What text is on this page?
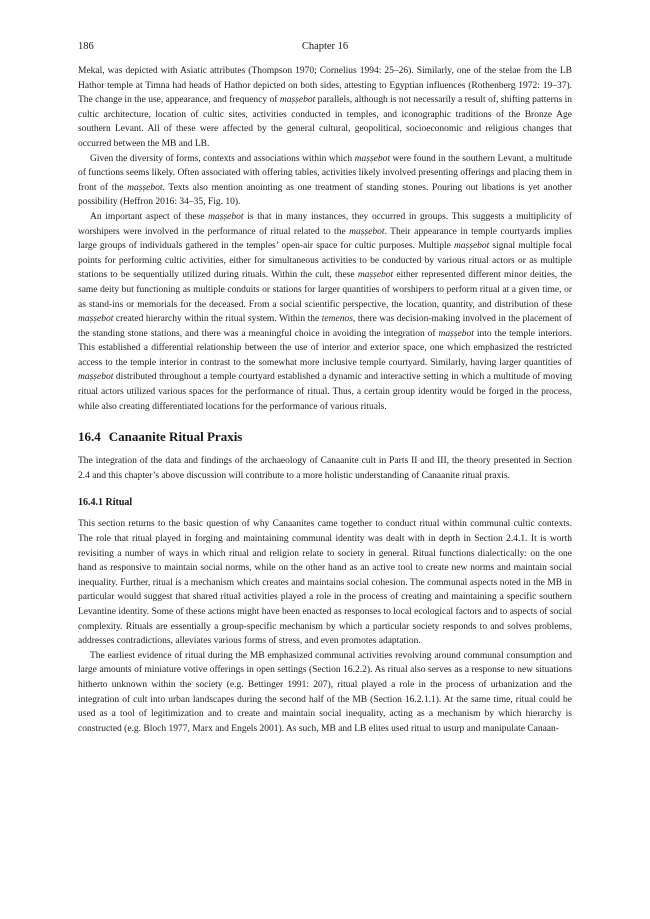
186	Chapter 16

Mekal, was depicted with Asiatic attributes (Thompson 1970; Cornelius 1994: 25–26). Similarly, one of the stelae from the LB Hathor temple at Timna had heads of Hathor depicted on both sides, attesting to Egyptian influences (Rothenberg 1972: 19–37). The change in the use, appearance, and frequency of maṣṣebot parallels, although is not necessarily a result of, shifting patterns in cultic architecture, location of cultic sites, activities conducted in temples, and iconographic traditions of the Bronze Age southern Levant. All of these were affected by the general cultural, geopolitical, socioeconomic and religious changes that occurred between the MB and LB.

Given the diversity of forms, contexts and associations within which maṣṣebot were found in the southern Levant, a multitude of functions seems likely. Often associated with offering tables, activities likely involved presenting offerings and placing them in front of the maṣṣebot. Texts also mention anointing as one treatment of standing stones. Pouring out libations is yet another possibility (Heffron 2016: 34–35, Fig. 10).

An important aspect of these maṣṣebot is that in many instances, they occurred in groups. This suggests a multiplicity of worshipers were involved in the performance of ritual related to the maṣṣebot. Their appearance in temple courtyards implies large groups of individuals gathered in the temples’ open-air space for cultic purposes. Multiple maṣṣebot signal multiple focal points for performing cultic activities, either for simultaneous activities to be conducted by various ritual actors or as multiple stations to be sequentially utilized during rituals. Within the cult, these maṣṣebot either represented different minor deities, the same deity but functioning as multiple conduits or stations for larger quantities of worshipers to perform ritual at a given time, or as stand-ins or memorials for the deceased. From a social scientific perspective, the location, quantity, and distribution of these maṣṣebot created hierarchy within the ritual system. Within the temenos, there was decision-making involved in the placement of the standing stone stations, and there was a meaningful choice in avoiding the integration of maṣṣebot into the temple interiors. This established a differential relationship between the use of interior and exterior space, one which emphasized the restricted access to the temple interior in contrast to the somewhat more inclusive temple courtyard. Similarly, having larger quantities of maṣṣebot distributed throughout a temple courtyard established a dynamic and interactive setting in which a multitude of moving ritual actors utilized various spaces for the performance of ritual. Thus, a certain group identity would be forged in the process, while also creating differentiated locations for the performance of various rituals.

16.4 Canaanite Ritual Praxis

The integration of the data and findings of the archaeology of Canaanite cult in Parts II and III, the theory presented in Section 2.4 and this chapter’s above discussion will contribute to a more holistic understanding of Canaanite ritual praxis.

16.4.1 Ritual

This section returns to the basic question of why Canaanites came together to conduct ritual within communal cultic contexts. The role that ritual played in forging and maintaining communal identity was dealt with in depth in Section 2.4.1. It is worth revisiting a number of ways in which ritual and religion relate to society in general. Ritual functions dialectically: on the one hand as responsive to maintain social norms, while on the other hand as an active tool to create new norms and maintain social inequality. Further, ritual is a mechanism which creates and maintains social cohesion. The communal aspects noted in the MB in particular would suggest that shared ritual activities played a role in the process of creating and maintaining a specific southern Levantine identity. Some of these actions might have been enacted as responses to local ecological factors and to aspects of social complexity. Rituals are essentially a group-specific mechanism by which a particular society responds to and solves problems, addresses contradictions, alleviates various forms of stress, and even promotes adaptation.

The earliest evidence of ritual during the MB emphasized communal activities revolving around communal consumption and large amounts of miniature votive offerings in open settings (Section 16.2.2). As ritual also serves as a response to new situations hitherto unknown within the society (e.g. Bettinger 1991: 207), ritual played a role in the process of urbanization and the integration of cult into urban landscapes during the second half of the MB (Section 16.2.1.1). At the same time, ritual could be used as a tool of legitimization and to create and maintain social inequality, acting as a mechanism by which hierarchy is constructed (e.g. Bloch 1977, Marx and Engels 2001). As such, MB and LB elites used ritual to usurp and manipulate Canaan-
